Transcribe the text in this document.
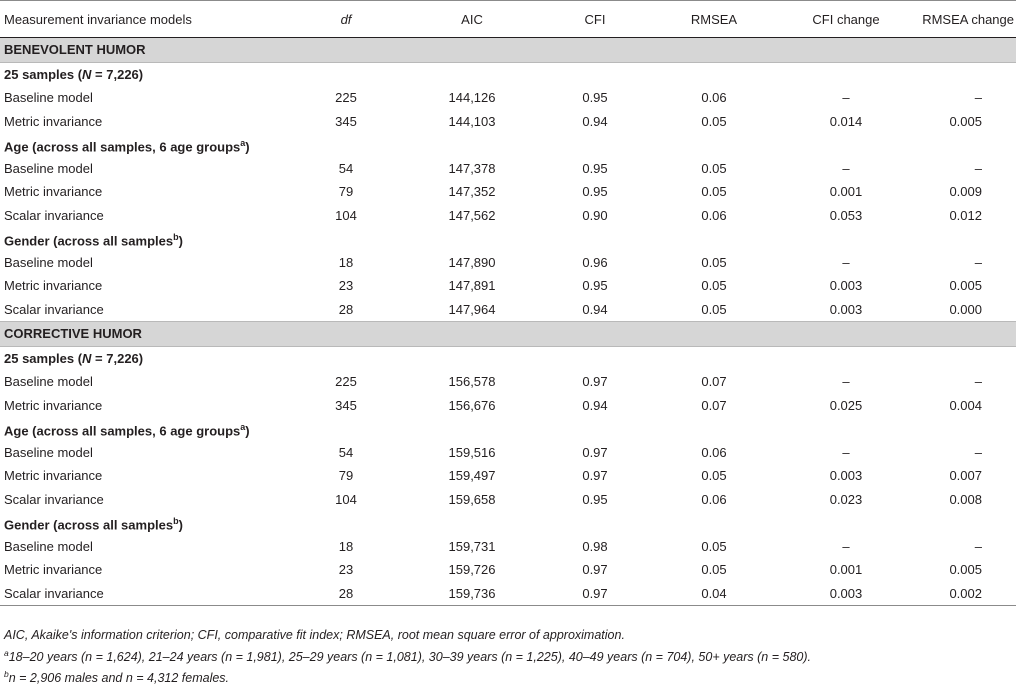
Measurement invariance models	df	AIC	CFI	RMSEA	CFI change	RMSEA change
BENEVOLENT HUMOR						
25 samples (N = 7,226)						
Baseline model	225	144,126	0.95	0.06	–	–
Metric invariance	345	144,103	0.94	0.05	0.014	0.005
Age (across all samples, 6 age groups$^a$)						
Baseline model	54	147,378	0.95	0.05	–	–
Metric invariance	79	147,352	0.95	0.05	0.001	0.009
Scalar invariance	104	147,562	0.90	0.06	0.053	0.012
Gender (across all samples$^b$)						
Baseline model	18	147,890	0.96	0.05	–	–
Metric invariance	23	147,891	0.95	0.05	0.003	0.005
Scalar invariance	28	147,964	0.94	0.05	0.003	0.000
CORRECTIVE HUMOR						
25 samples (N = 7,226)						
Baseline model	225	156,578	0.97	0.07	–	–
Metric invariance	345	156,676	0.94	0.07	0.025	0.004
Age (across all samples, 6 age groups$^a$)						
Baseline model	54	159,516	0.97	0.06	–	–
Metric invariance	79	159,497	0.97	0.05	0.003	0.007
Scalar invariance	104	159,658	0.95	0.06	0.023	0.008
Gender (across all samples$^b$)						
Baseline model	18	159,731	0.98	0.05	–	–
Metric invariance	23	159,726	0.97	0.05	0.001	0.005
Scalar invariance	28	159,736	0.97	0.04	0.003	0.002
AIC, Akaike's information criterion; CFI, comparative fit index; RMSEA, root mean square error of approximation.
$^a$18–20 years (n = 1,624), 21–24 years (n = 1,981), 25–29 years (n = 1,081), 30–39 years (n = 1,225), 40–49 years (n = 704), 50+ years (n = 580).
$^b$n = 2,906 males and n = 4,312 females.
